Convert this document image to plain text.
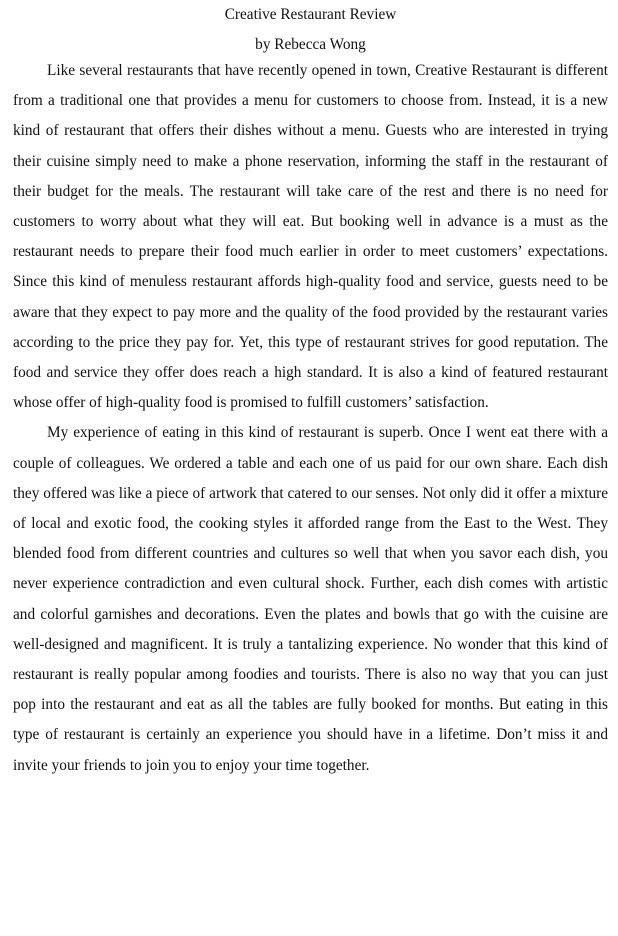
Creative Restaurant Review

by Rebecca Wong

Like several restaurants that have recently opened in town, Creative Restaurant is different from a traditional one that provides a menu for customers to choose from. Instead, it is a new kind of restaurant that offers their dishes without a menu. Guests who are interested in trying their cuisine simply need to make a phone reservation, informing the staff in the restaurant of their budget for the meals. The restaurant will take care of the rest and there is no need for customers to worry about what they will eat. But booking well in advance is a must as the restaurant needs to prepare their food much earlier in order to meet customers’ expectations. Since this kind of menuless restaurant affords high-quality food and service, guests need to be aware that they expect to pay more and the quality of the food provided by the restaurant varies according to the price they pay for. Yet, this type of restaurant strives for good reputation. The food and service they offer does reach a high standard. It is also a kind of featured restaurant whose offer of high-quality food is promised to fulfill customers’ satisfaction.

My experience of eating in this kind of restaurant is superb. Once I went eat there with a couple of colleagues. We ordered a table and each one of us paid for our own share. Each dish they offered was like a piece of artwork that catered to our senses. Not only did it offer a mixture of local and exotic food, the cooking styles it afforded range from the East to the West. They blended food from different countries and cultures so well that when you savor each dish, you never experience contradiction and even cultural shock. Further, each dish comes with artistic and colorful garnishes and decorations. Even the plates and bowls that go with the cuisine are well-designed and magnificent. It is truly a tantalizing experience. No wonder that this kind of restaurant is really popular among foodies and tourists. There is also no way that you can just pop into the restaurant and eat as all the tables are fully booked for months. But eating in this type of restaurant is certainly an experience you should have in a lifetime. Don’t miss it and invite your friends to join you to enjoy your time together.
